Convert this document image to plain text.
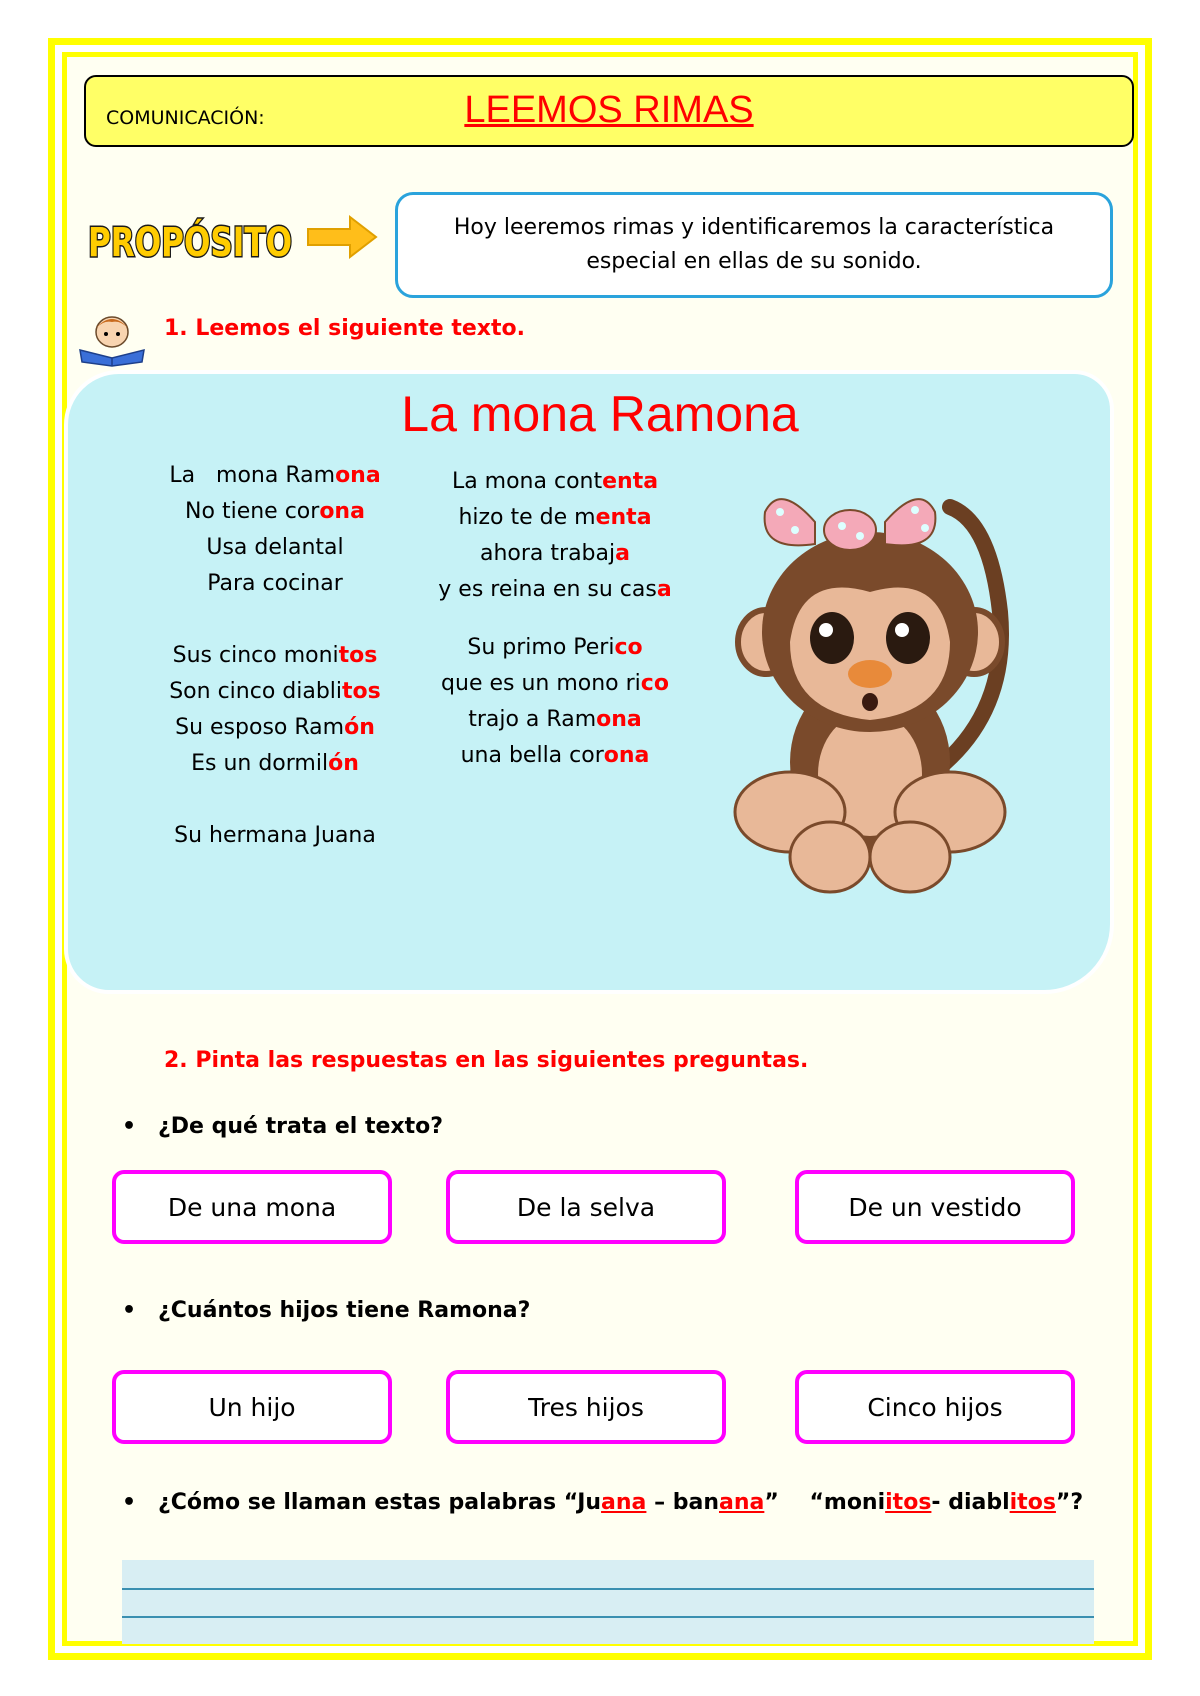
COMUNICACIÓN:	LEEMOS RIMAS
PROPÓSITO	Hoy leeremos rimas y identificaremos la característica especial en ellas de su sonido.
1. Leemos el siguiente texto.
La mona Ramona
La   mona Ramona
No tiene corona
Usa delantal
Para cocinar
Sus cinco monitos
Son cinco diablitos
Su esposo Ramón
Es un dormilón
Su hermana Juana
La mona contenta
hizo te de menta
ahora trabaja
y es reina en su casa
Su primo Perico
que es un mono rico
trajo a Ramona
una bella corona
2. Pinta las respuestas en las siguientes preguntas.
• ¿De qué trata el texto?
De una mona	De la selva	De un vestido
• ¿Cuántos hijos tiene Ramona?
Un hijo	Tres hijos	Cinco hijos
• ¿Cómo se llaman estas palabras “Juana – banana”    “moniitos- diablitos”?
